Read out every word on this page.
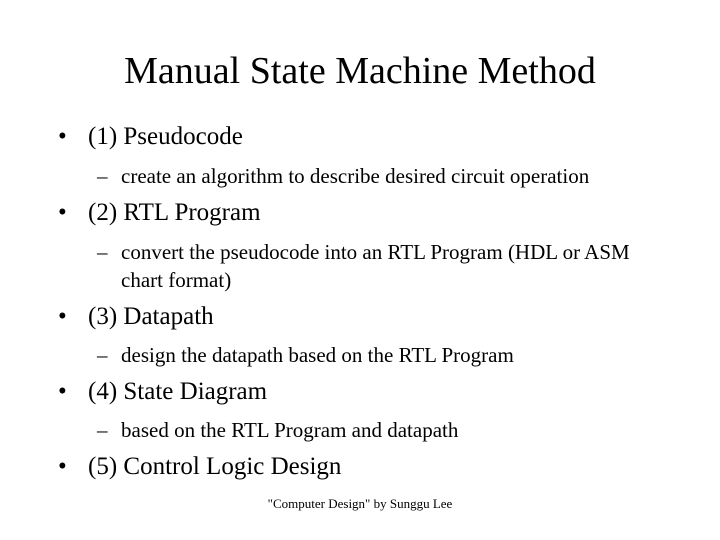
Manual State Machine Method
• (1) Pseudocode
– create an algorithm to describe desired circuit operation
• (2) RTL Program
– convert the pseudocode into an RTL Program (HDL or ASM chart format)
• (3) Datapath
– design the datapath based on the RTL Program
• (4) State Diagram
– based on the RTL Program and datapath
• (5) Control Logic Design
"Computer Design" by Sunggu Lee
